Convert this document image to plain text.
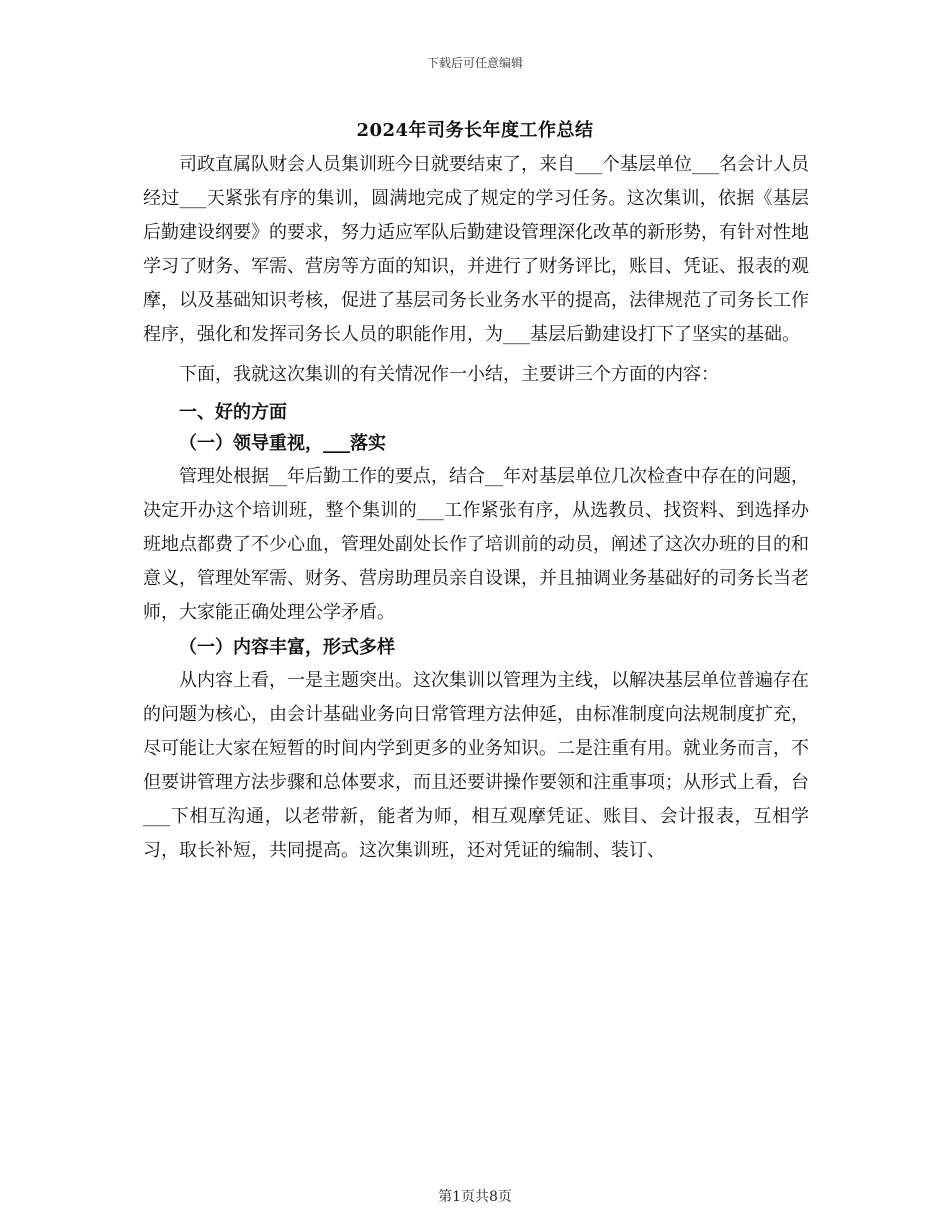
下载后可任意编辑
2024年司务长年度工作总结

司政直属队财会人员集训班今日就要结束了，来自___个基层单位___名会计人员经过___天紧张有序的集训，圆满地完成了规定的学习任务。这次集训，依据《基层后勤建设纲要》的要求，努力适应军队后勤建设管理深化改革的新形势，有针对性地学习了财务、军需、营房等方面的知识，并进行了财务评比，账目、凭证、报表的观摩，以及基础知识考核，促进了基层司务长业务水平的提高，法律规范了司务长工作程序，强化和发挥司务长人员的职能作用，为___基层后勤建设打下了坚实的基础。

下面，我就这次集训的有关情况作一小结，主要讲三个方面的内容：

一、好的方面
（一）领导重视，___落实

管理处根据__年后勤工作的要点，结合__年对基层单位几次检查中存在的问题，决定开办这个培训班，整个集训的___工作紧张有序，从选教员、找资料、到选择办班地点都费了不少心血，管理处副处长作了培训前的动员，阐述了这次办班的目的和意义，管理处军需、财务、营房助理员亲自设课，并且抽调业务基础好的司务长当老师，大家能正确处理公学矛盾。

（一）内容丰富，形式多样

从内容上看，一是主题突出。这次集训以管理为主线，以解决基层单位普遍存在的问题为核心，由会计基础业务向日常管理方法伸延，由标准制度向法规制度扩充，尽可能让大家在短暂的时间内学到更多的业务知识。二是注重有用。就业务而言，不但要讲管理方法步骤和总体要求，而且还要讲操作要领和注重事项；从形式上看，台___下相互沟通，以老带新，能者为师，相互观摩凭证、账目、会计报表，互相学习，取长补短，共同提高。这次集训班，还对凭证的编制、装订、

第1页共8页
